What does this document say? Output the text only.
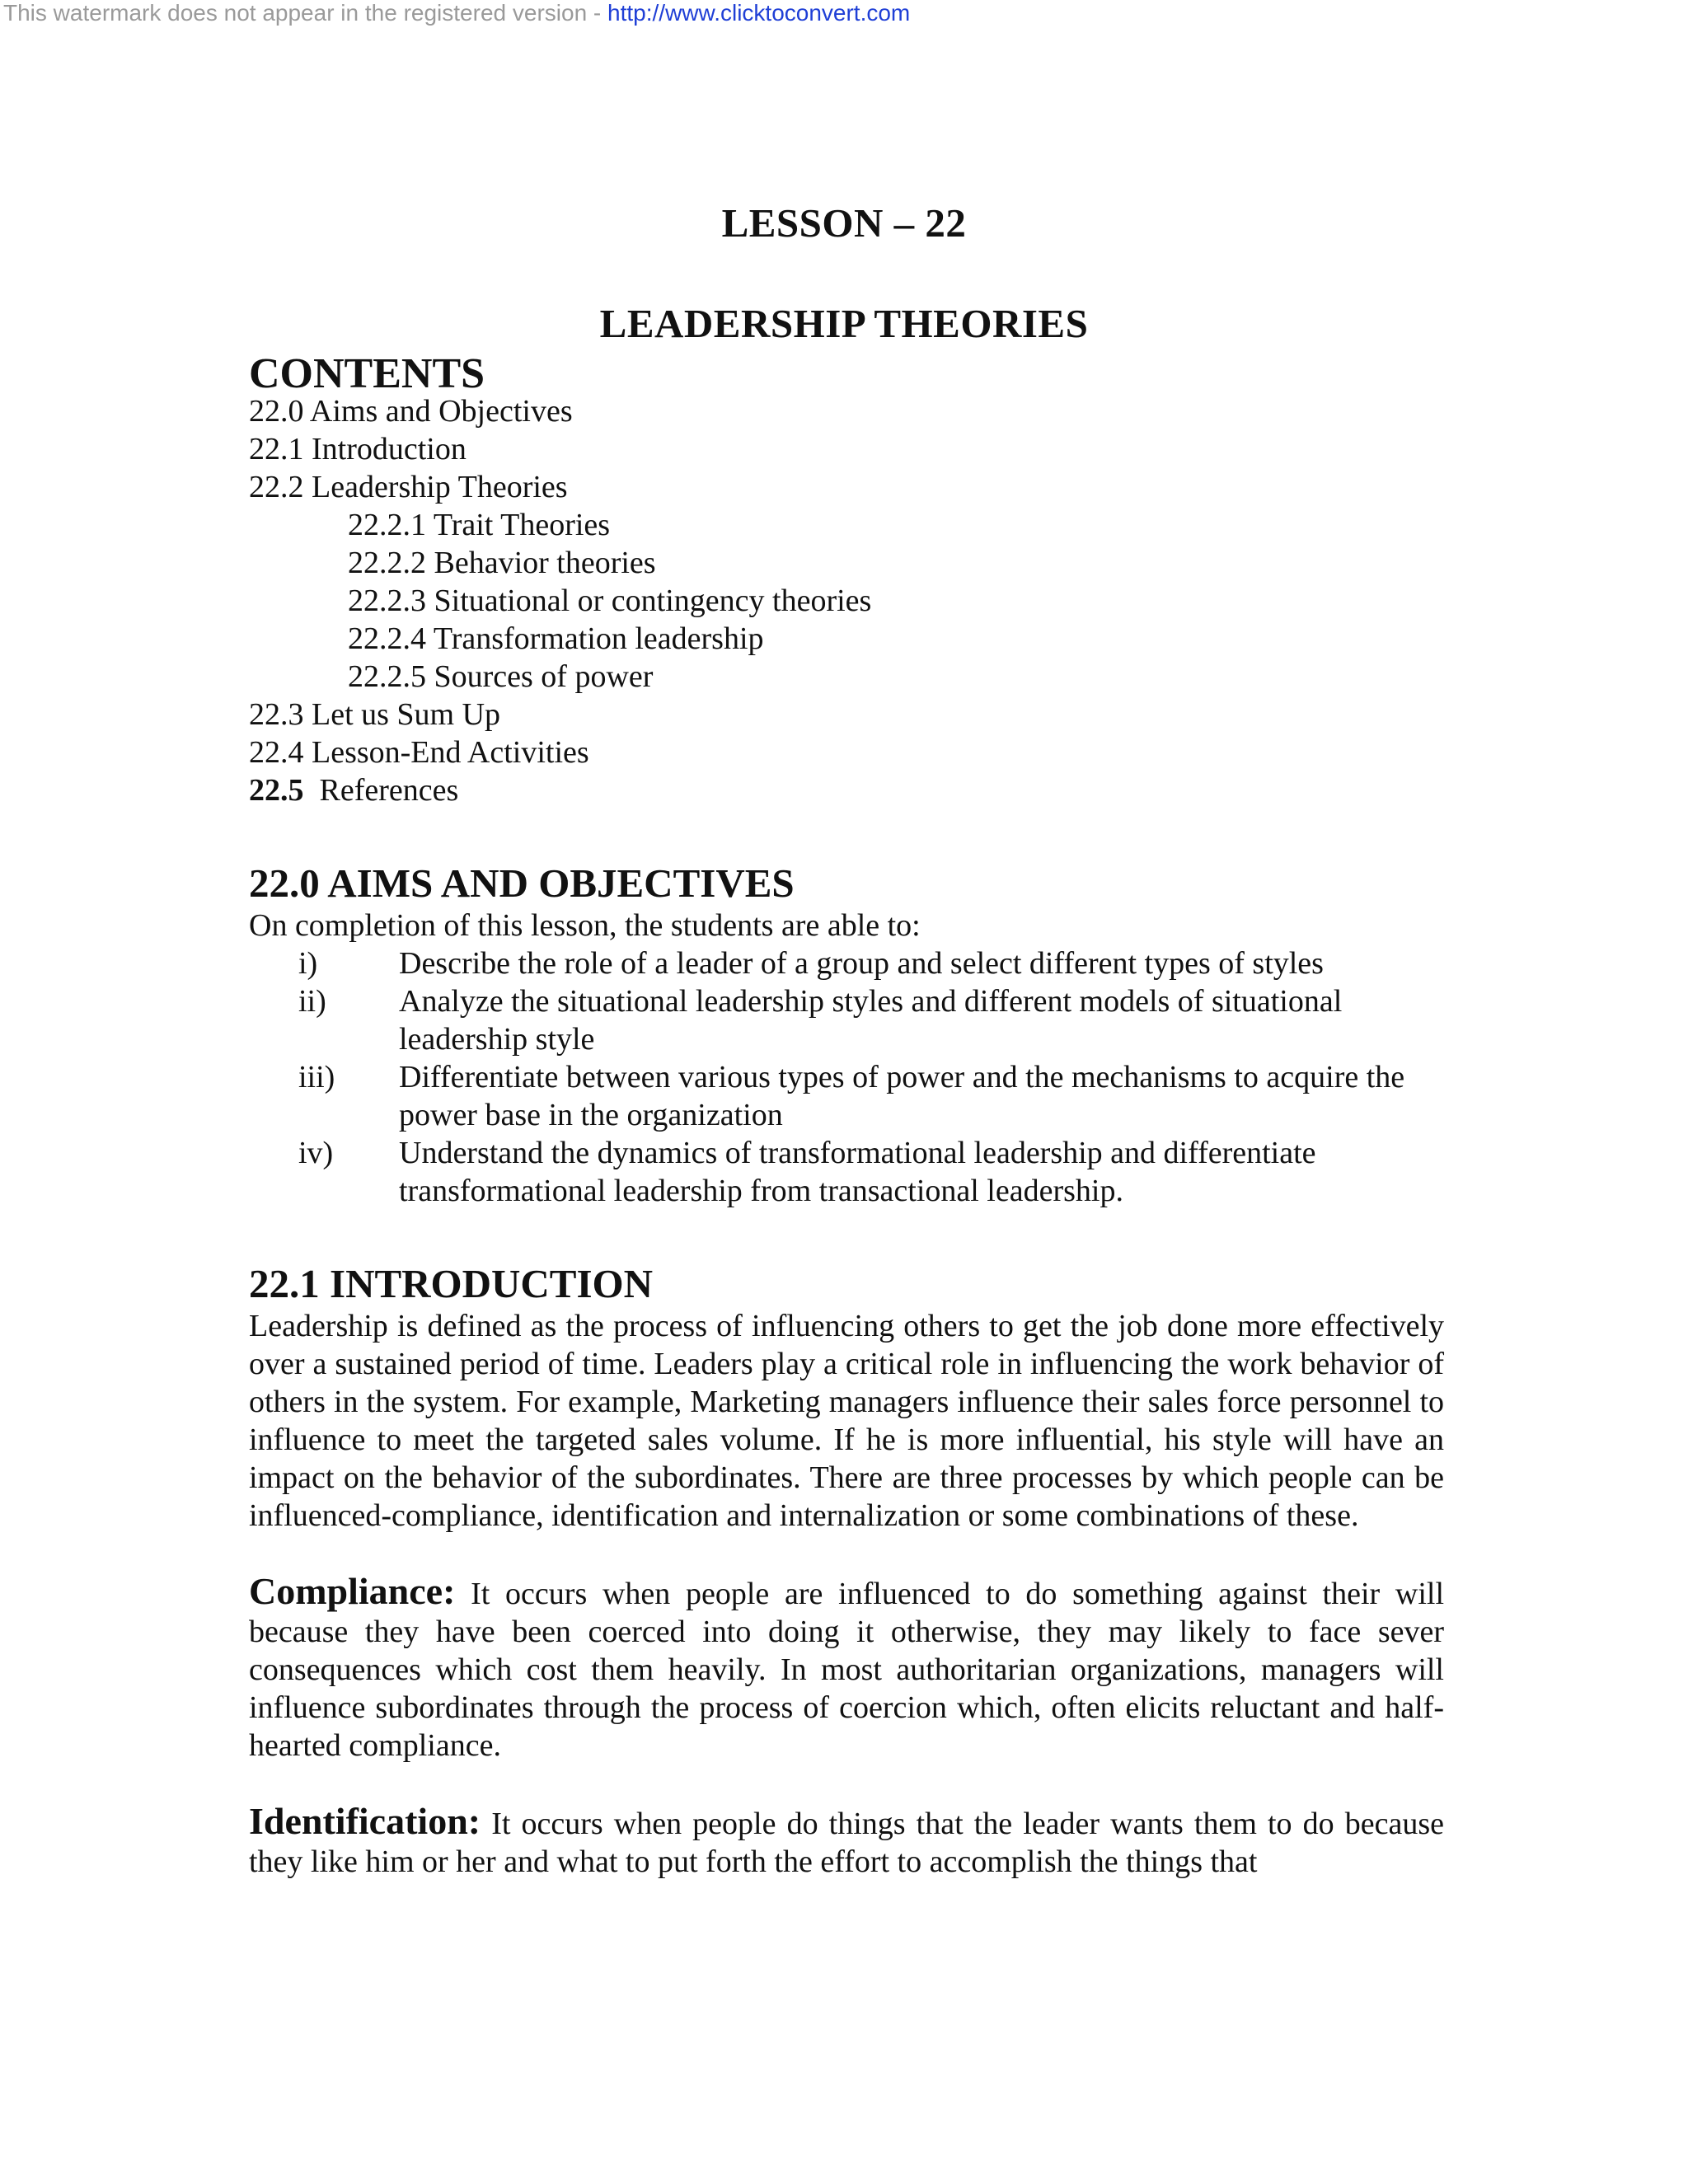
This watermark does not appear in the registered version - http://www.clicktoconvert.com
LESSON – 22
LEADERSHIP THEORIES
CONTENTS
22.0 Aims and Objectives
22.1 Introduction
22.2 Leadership Theories
22.2.1 Trait Theories
22.2.2 Behavior theories
22.2.3 Situational or contingency theories
22.2.4 Transformation leadership
22.2.5 Sources of power
22.3 Let us Sum Up
22.4 Lesson-End Activities
22.5 References
22.0 AIMS AND OBJECTIVES

On completion of this lesson, the students are able to:

i)	Describe the role of a leader of a group and select different types of styles
ii)	Analyze the situational leadership styles and different models of situational leadership style
iii)	Differentiate between various types of power and the mechanisms to acquire the power base in the organization
iv)	Understand the dynamics of transformational leadership and differentiate transformational leadership from transactional leadership.
22.1 INTRODUCTION

Leadership is defined as the process of influencing others to get the job done more effectively over a sustained period of time. Leaders play a critical role in influencing the work behavior of others in the system. For example, Marketing managers influence their sales force personnel to influence to meet the targeted sales volume. If he is more influential, his style will have an impact on the behavior of the subordinates. There are three processes by which people can be influenced-compliance, identification and internalization or some combinations of these.

Compliance: It occurs when people are influenced to do something against their will because they have been coerced into doing it otherwise, they may likely to face sever consequences which cost them heavily. In most authoritarian organizations, managers will influence subordinates through the process of coercion which, often elicits reluctant and half- hearted compliance.

Identification: It occurs when people do things that the leader wants them to do because they like him or her and what to put forth the effort to accomplish the things that
